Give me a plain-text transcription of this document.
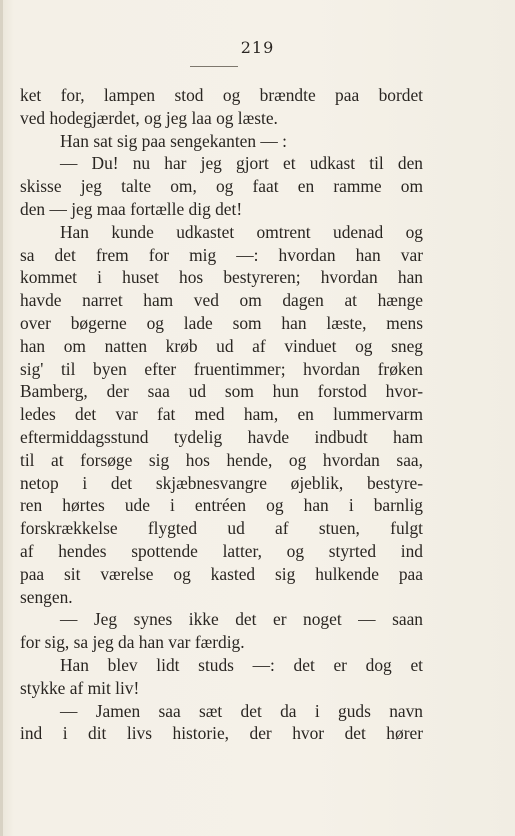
219
ket for, lampen stod og brændte paa bordet
ved hodegjærdet, og jeg laa og læste.
Han sat sig paa sengekanten — :
— Du! nu har jeg gjort et udkast til den
skisse jeg talte om, og faat en ramme om
den — jeg maa fortælle dig det!
Han kunde udkastet omtrent udenad og
sa det frem for mig —: hvordan han var
kommet i huset hos bestyreren; hvordan han
havde narret ham ved om dagen at hænge
over bøgerne og lade som han læste, mens
han om natten krøb ud af vinduet og sneg
sig' til byen efter fruentimmer; hvordan frøken
Bamberg, der saa ud som hun forstod hvor-
ledes det var fat med ham, en lummervarm
eftermiddagsstund tydelig havde indbudt ham
til at forsøge sig hos hende, og hvordan saa,
netop i det skjæbnesvangre øjeblik, bestyre-
ren hørtes ude i entréen og han i barnlig
forskrækkelse flygted ud af stuen, fulgt
af hendes spottende latter, og styrted ind
paa sit værelse og kasted sig hulkende paa
sengen.
— Jeg synes ikke det er noget — saan
for sig, sa jeg da han var færdig.
Han blev lidt studs —: det er dog et
stykke af mit liv!
— Jamen saa sæt det da i guds navn
ind i dit livs historie, der hvor det hører
